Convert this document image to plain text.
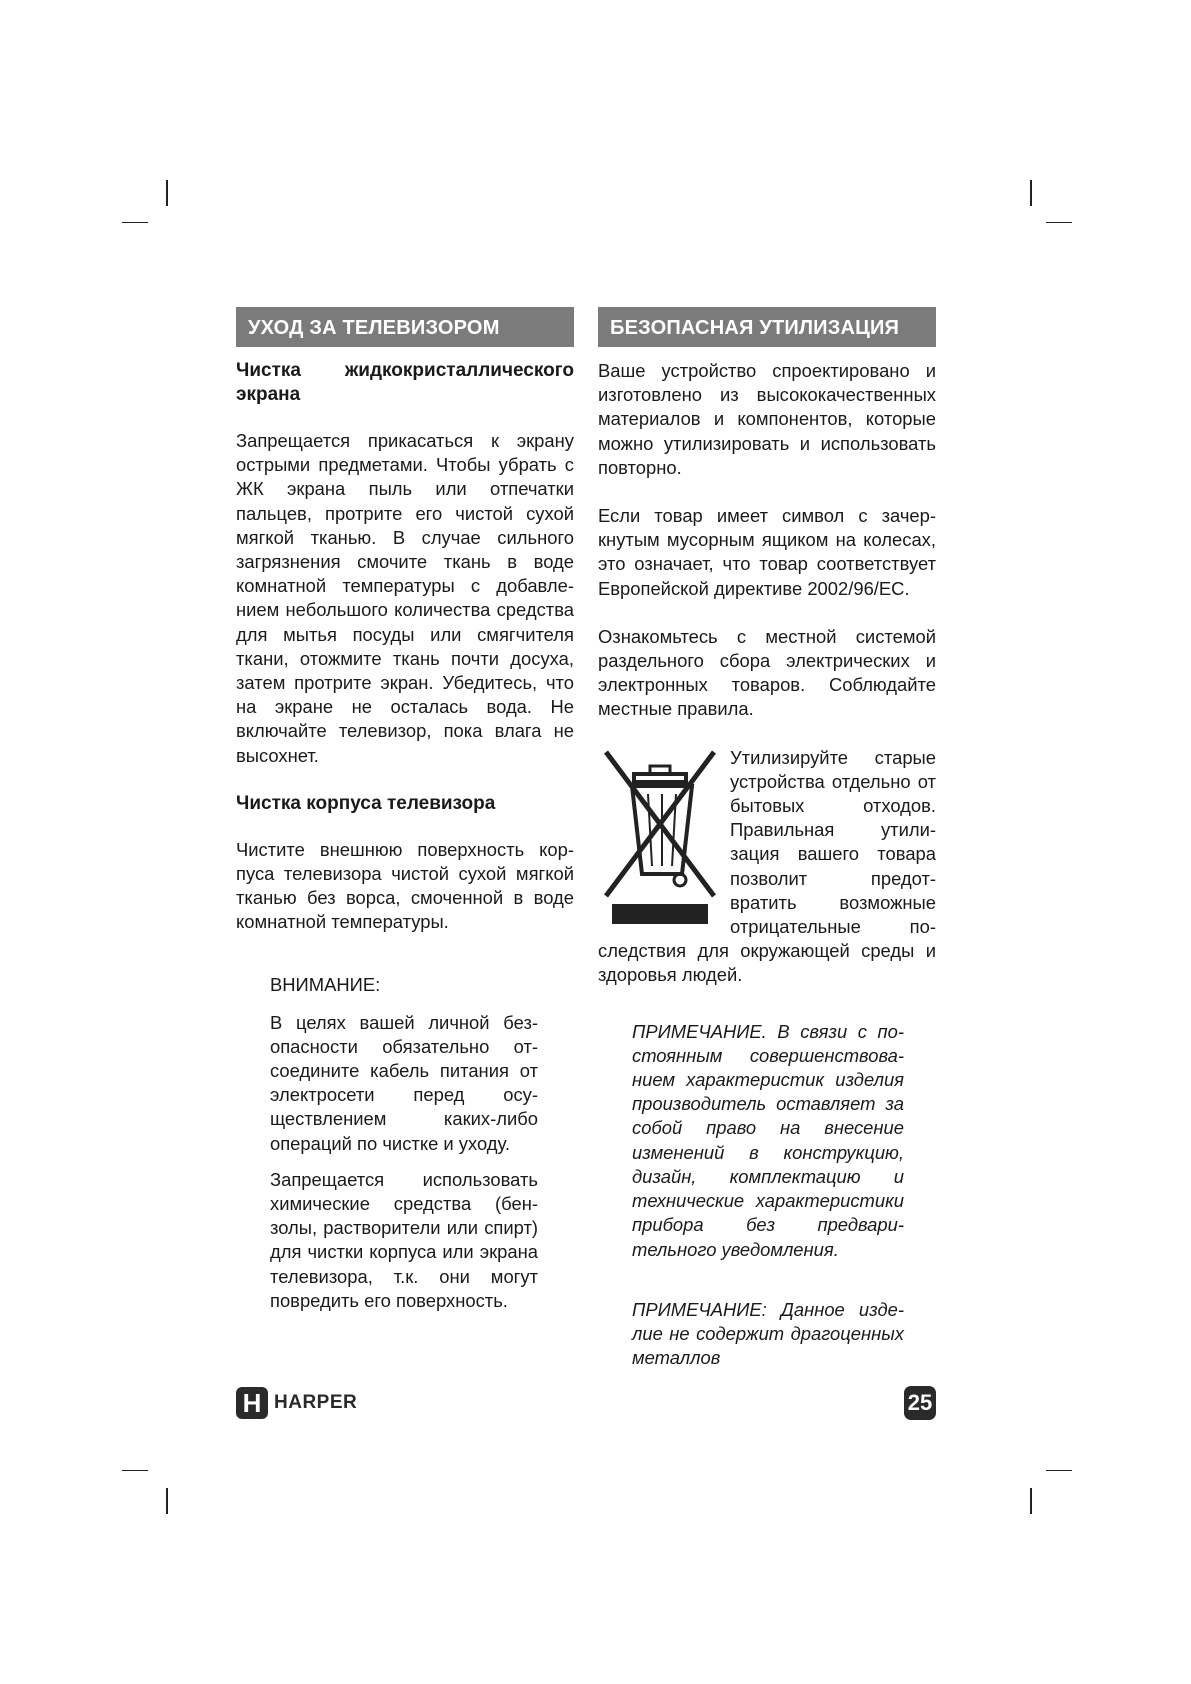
УХОД ЗА ТЕЛЕВИЗОРОМ
Чистка жидкокристаллического экрана

Запрещается прикасаться к экрану острыми предметами. Чтобы убрать с ЖК экрана пыль или отпечатки пальцев, протрите его чистой сухой мягкой тканью. В случае сильного загрязнения смочите ткань в воде комнатной температуры с добавлением небольшого количества средства для мытья посуды или смягчителя ткани, отожмите ткань почти досуха, затем протрите экран. Убедитесь, что на экране не осталась вода. Не включайте телевизор, пока влага не высохнет.

Чистка корпуса телевизора

Чистите внешнюю поверхность корпуса телевизора чистой сухой мягкой тканью без ворса, смоченной в воде комнатной температуры.

ВНИМАНИЕ:

В целях вашей личной безопасности обязательно отсоедините кабель питания от электросети перед осуществлением каких-либо операций по чистке и уходу.

Запрещается использовать химические средства (бензолы, растворители или спирт) для чистки корпуса или экрана телевизора, т.к. они могут повредить его поверхность.

БЕЗОПАСНАЯ УТИЛИЗАЦИЯ

Ваше устройство спроектировано и изготовлено из высококачественных материалов и компонентов, которые можно утилизировать и использовать повторно.

Если товар имеет символ с зачеркнутым мусорным ящиком на колесах, это означает, что товар соответствует Европейской директиве 2002/96/EC.

Ознакомьтесь с местной системой раздельного сбора электрических и электронных товаров. Соблюдайте местные правила.

Утилизируйте старые устройства отдельно от бытовых отходов. Правильная утилизация вашего товара позволит предотвратить возможные отрицательные последствия для окружающей среды и здоровья людей.

ПРИМЕЧАНИЕ. В связи с постоянным совершенствованием характеристик изделия производитель оставляет за собой право на внесение изменений в конструкцию, дизайн, комплектацию и технические характеристики прибора без предварительного уведомления.

ПРИМЕЧАНИЕ: Данное изделие не содержит драгоценных металлов

H HARPER	25
